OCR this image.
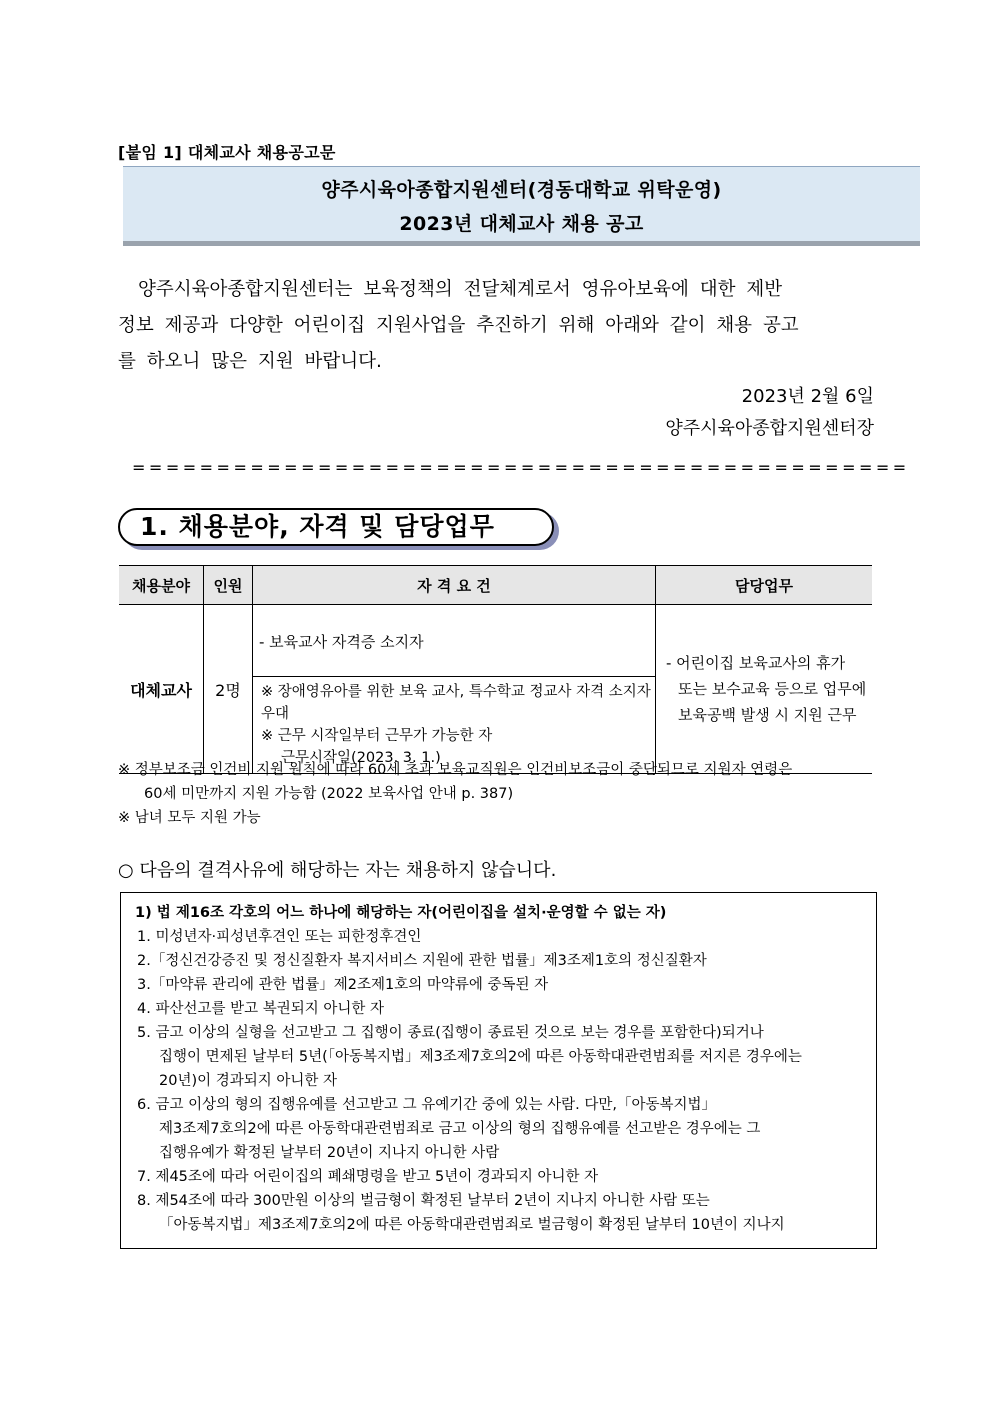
[붙임 1] 대체교사 채용공고문
양주시육아종합지원센터(경동대학교 위탁운영)
2023년 대체교사 채용 공고
양주시육아종합지원센터는 보육정책의 전달체계로서 영유아보육에 대한 제반
정보 제공과 다양한 어린이집 지원사업을 추진하기 위해 아래와 같이 채용 공고
를 하오니 많은 지원 바랍니다.
2023년 2월 6일
양주시육아종합지원센터장
==============================================
1. 채용분야, 자격 및 담당업무
채용분야	인원	자 격 요 건	담당업무
대체교사	2명	- 보육교사 자격증 소지자	- 어린이집 보육교사의 휴가
또는 보수교육 등으로 업무에
보육공백 발생 시 지원 근무

		※ 장애영유아를 위한 보육 교사, 특수학교 정교사 자격 소지자 우대
※ 근무 시작일부터 근무가 가능한 자
근무시작일(2023. 3. 1.)	
※ 정부보조금 인건비 지원 원칙에 따라 60세 초과 보육교직원은 인건비보조금이 중단되므로 지원자 연령은
60세 미만까지 지원 가능함 (2022 보육사업 안내 p. 387)
※ 남녀 모두 지원 가능
○ 다음의 결격사유에 해당하는 자는 채용하지 않습니다.
1) 법 제16조 각호의 어느 하나에 해당하는 자(어린이집을 설치·운영할 수 없는 자)
1. 미성년자·피성년후견인 또는 피한정후견인
2.「정신건강증진 및 정신질환자 복지서비스 지원에 관한 법률」제3조제1호의 정신질환자
3.「마약류 관리에 관한 법률」제2조제1호의 마약류에 중독된 자
4. 파산선고를 받고 복권되지 아니한 자
5. 금고 이상의 실형을 선고받고 그 집행이 종료(집행이 종료된 것으로 보는 경우를 포함한다)되거나
집행이 면제된 날부터 5년(「아동복지법」제3조제7호의2에 따른 아동학대관련범죄를 저지른 경우에는
20년)이 경과되지 아니한 자
6. 금고 이상의 형의 집행유예를 선고받고 그 유예기간 중에 있는 사람. 다만,「아동복지법」
제3조제7호의2에 따른 아동학대관련범죄로 금고 이상의 형의 집행유예를 선고받은 경우에는 그
집행유예가 확정된 날부터 20년이 지나지 아니한 사람
7. 제45조에 따라 어린이집의 폐쇄명령을 받고 5년이 경과되지 아니한 자
8. 제54조에 따라 300만원 이상의 벌금형이 확정된 날부터 2년이 지나지 아니한 사람 또는
「아동복지법」제3조제7호의2에 따른 아동학대관련범죄로 벌금형이 확정된 날부터 10년이 지나지
